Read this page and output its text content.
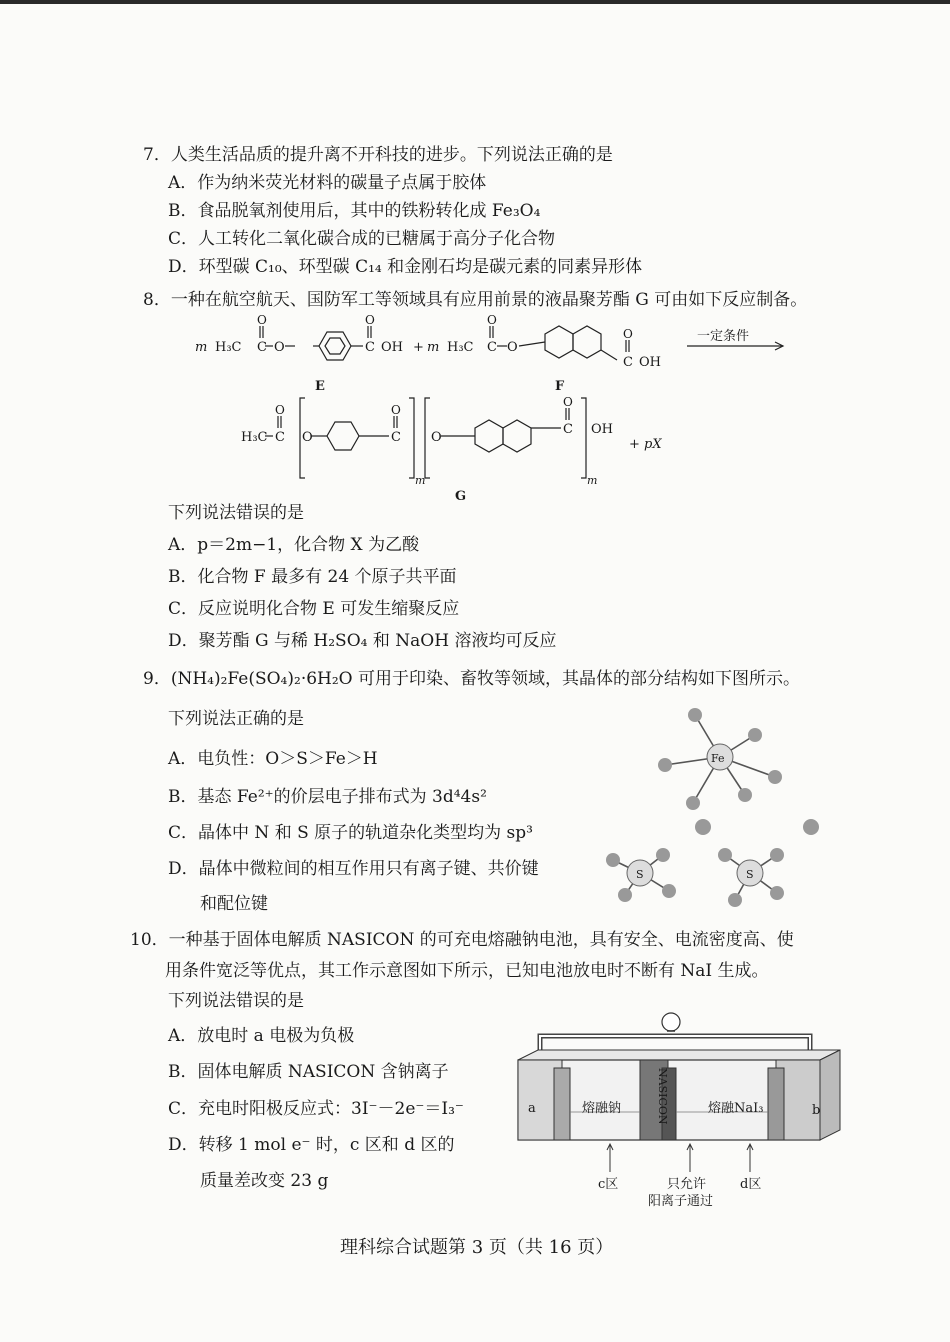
7．人类生活品质的提升离不开科技的进步。下列说法正确的是
A．作为纳米荧光材料的碳量子点属于胶体
B．食品脱氧剂使用后，其中的铁粉转化成 Fe₃O₄
C．人工转化二氧化碳合成的已糖属于高分子化合物
D．环型碳 C₁₀、环型碳 C₁₄ 和金刚石均是碳元素的同素异形体
8．一种在航空航天、国防军工等领域具有应用前景的液晶聚芳酯 G 可由如下反应制备。
m H₃C
O
C O
O
C OH + m H₃C
O
C O
O
C OH
一定条件
E	F
H₃C
O
C O
O
C
m
O
O
C OH
m
+ pX
G
下列说法错误的是
A．p＝2m−1，化合物 X 为乙酸
B．化合物 F 最多有 24 个原子共平面
C．反应说明化合物 E 可发生缩聚反应
D．聚芳酯 G 与稀 H₂SO₄ 和 NaOH 溶液均可反应
9．(NH₄)₂Fe(SO₄)₂·6H₂O 可用于印染、畜牧等领域，其晶体的部分结构如下图所示。
下列说法正确的是
A．电负性：O＞S＞Fe＞H
B．基态 Fe²⁺的价层电子排布式为 3d⁴4s²
C．晶体中 N 和 S 原子的轨道杂化类型均为 sp³
D．晶体中微粒间的相互作用只有离子键、共价键
和配位键
Fe
S	S
10．一种基于固体电解质 NASICON 的可充电熔融钠电池，具有安全、电流密度高、使
用条件宽泛等优点，其工作示意图如下所示，已知电池放电时不断有 NaI 生成。
下列说法错误的是
A．放电时 a 电极为负极
B．固体电解质 NASICON 含钠离子
C．充电时阳极反应式：3I⁻－2e⁻＝I₃⁻
D．转移 1 mol e⁻ 时，c 区和 d 区的
质量差改变 23 g
a	b
熔融钠	熔融NaI₃
NASICON
c区	d区
只允许
阳离子通过
理科综合试题第 3 页（共 16 页）
